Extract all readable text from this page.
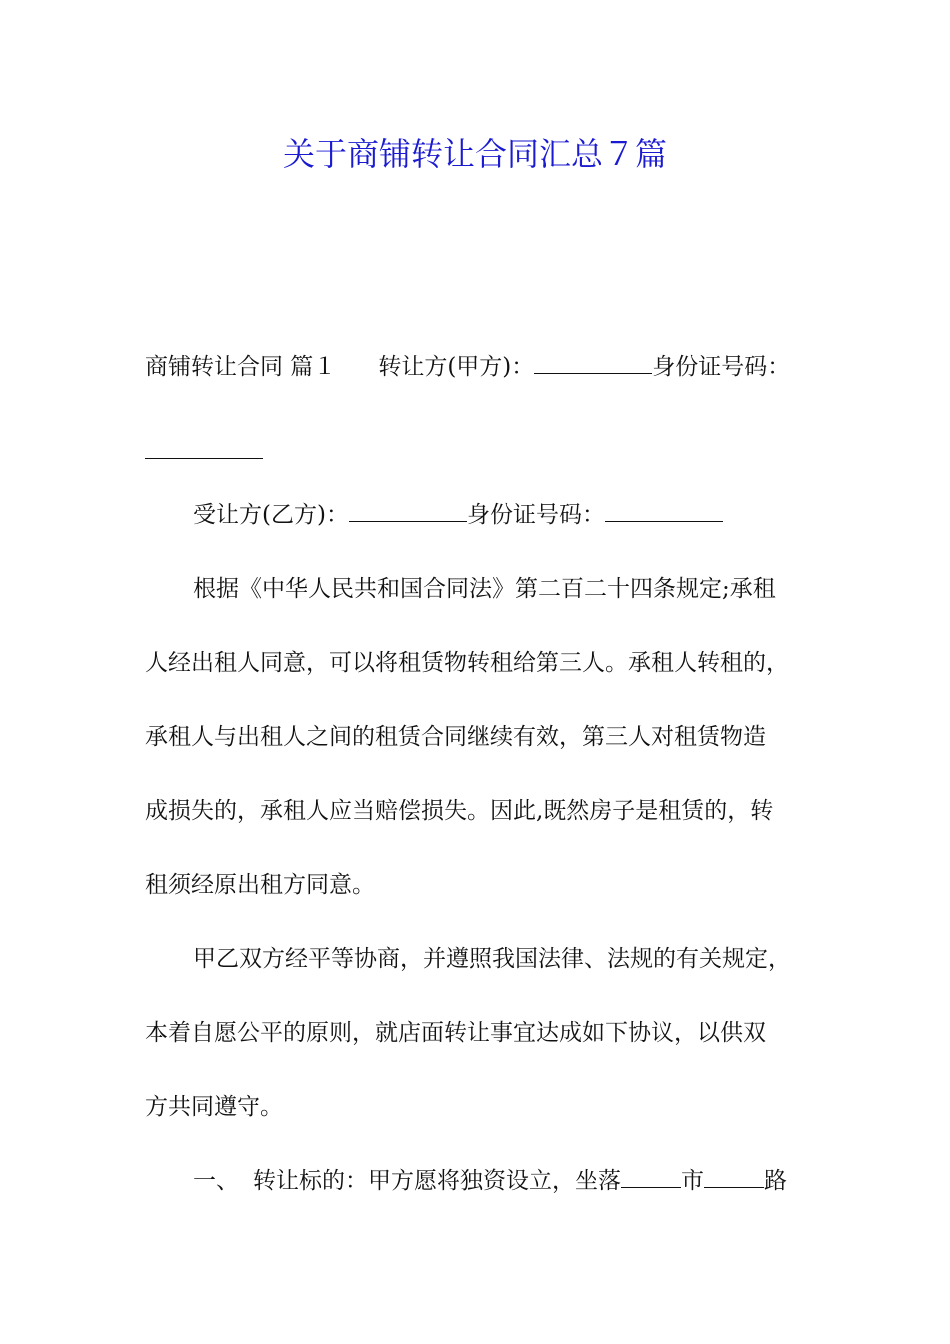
关于商铺转让合同汇总７篇
商铺转让合同 篇１ 转让方(甲方)：	身份证号码：
受让方(乙方)：	身份证号码：
根据《中华人民共和国合同法》第二百二十四条规定;承租
人经出租人同意，可以将租赁物转租给第三人。承租人转租的，
承租人与出租人之间的租赁合同继续有效，第三人对租赁物造
成损失的，承租人应当赔偿损失。因此,既然房子是租赁的，转
租须经原出租方同意。
甲乙双方经平等协商，并遵照我国法律、法规的有关规定，
本着自愿公平的原则，就店面转让事宜达成如下协议，以供双
方共同遵守。
一、 转让标的：甲方愿将独资设立，坐落	市	路
